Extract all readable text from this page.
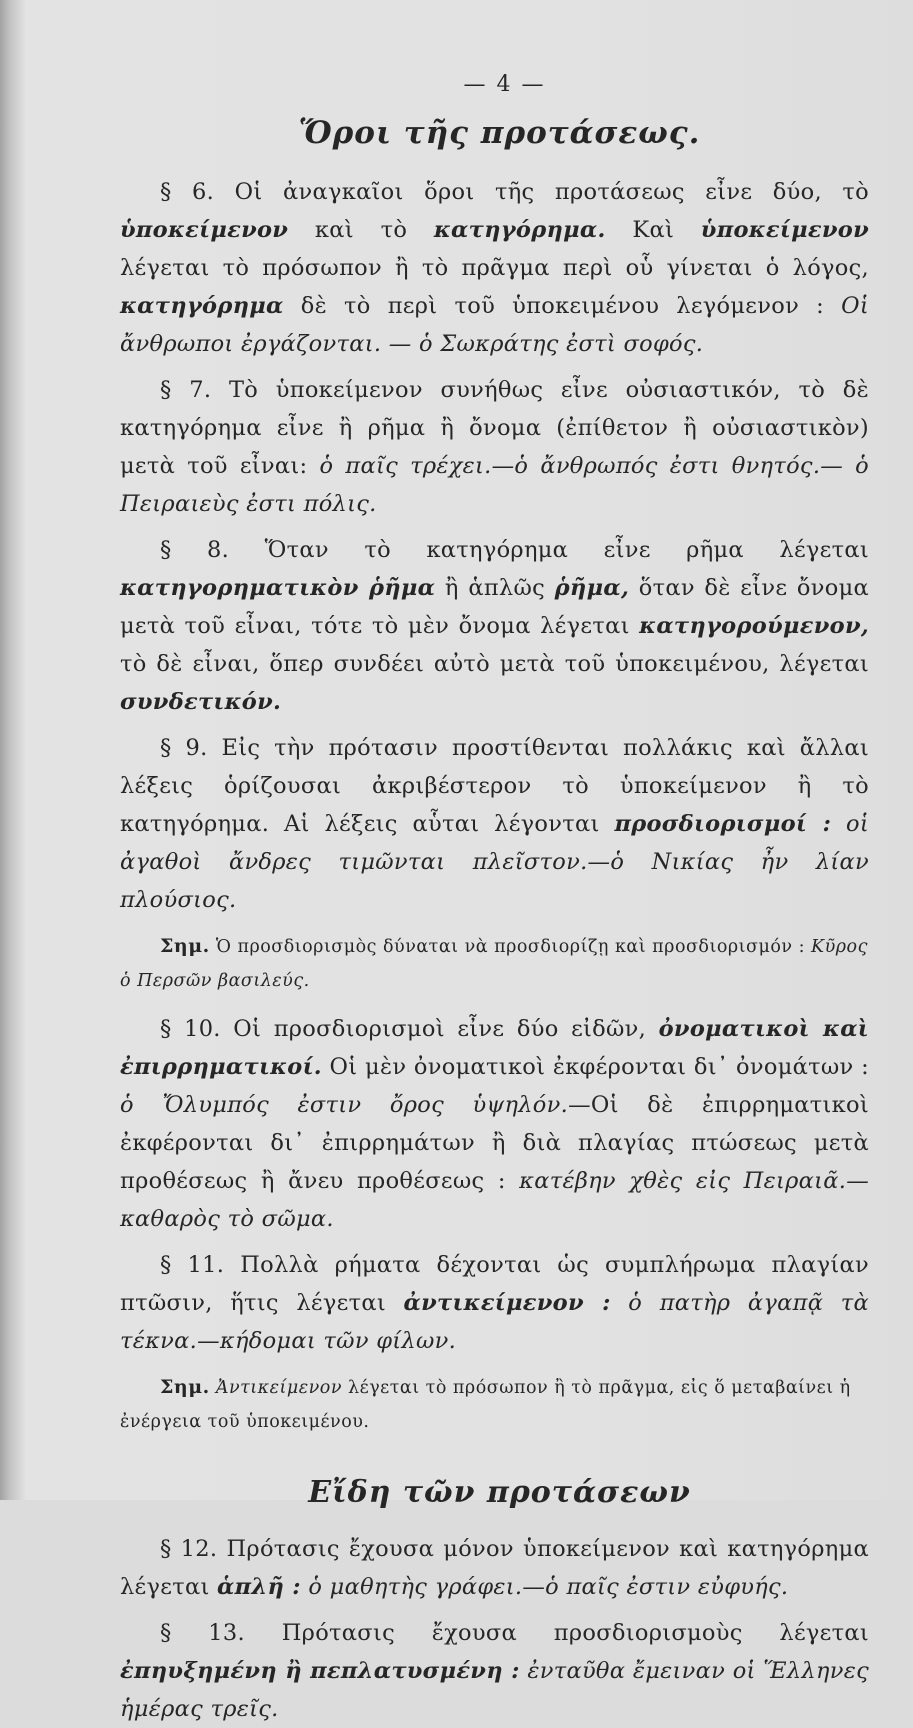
— 4 —
Ὅροι τῆς προτάσεως.

§ 6. Οἱ ἀναγκαῖοι ὅροι τῆς προτάσεως εἶνε δύο, τὸ ὑποκείμενον καὶ τὸ κατηγόρημα. Καὶ ὑποκείμενον λέγεται τὸ πρόσωπον ἢ τὸ πρᾶγμα περὶ οὗ γίνεται ὁ λόγος, κατηγόρημα δὲ τὸ περὶ τοῦ ὑποκειμένου λεγόμενον : Οἱ ἄνθρωποι ἐργάζονται. — ὁ Σωκράτης ἐστὶ σοφός.

§ 7. Τὸ ὑποκείμενον συνήθως εἶνε οὐσιαστικόν, τὸ δὲ κατηγόρημα εἶνε ἢ ρῆμα ἢ ὄνομα (ἐπίθετον ἢ οὐσιαστικὸν) μετὰ τοῦ εἶναι: ὁ παῖς τρέχει.—ὁ ἄνθρωπός ἐστι θνητός.— ὁ Πειραιεὺς ἐστι πόλις.

§ 8. Ὅταν τὸ κατηγόρημα εἶνε ρῆμα λέγεται κατηγορηματικὸν ῥῆμα ἢ ἁπλῶς ῥῆμα, ὅταν δὲ εἶνε ὄνομα μετὰ τοῦ εἶναι, τότε τὸ μὲν ὄνομα λέγεται κατηγορούμενον, τὸ δὲ εἶναι, ὅπερ συνδέει αὐτὸ μετὰ τοῦ ὑποκειμένου, λέγεται συνδετικόν.

§ 9. Εἰς τὴν πρότασιν προστίθενται πολλάκις καὶ ἄλλαι λέξεις ὁρίζουσαι ἀκριβέστερον τὸ ὑποκείμενον ἢ τὸ κατηγόρημα. Αἱ λέξεις αὗται λέγονται προσδιορισμοί : οἱ ἀγαθοὶ ἄνδρες τιμῶνται πλεῖστον.—ὁ Νικίας ἦν λίαν πλούσιος.

Σημ. Ὁ προσδιορισμὸς δύναται νὰ προσδιορίζῃ καὶ προσδιορισμόν : Κῦρος ὁ Περσῶν βασιλεύς.

§ 10. Οἱ προσδιορισμοὶ εἶνε δύο εἰδῶν, ὀνοματικοὶ καὶ ἐπιρρηματικοί. Οἱ μὲν ὀνοματικοὶ ἐκφέρονται δι᾽ ὀνομάτων : ὁ Ὄλυμπός ἐστιν ὄρος ὑψηλόν.—Οἱ δὲ ἐπιρρηματικοὶ ἐκφέρονται δι᾽ ἐπιρρημάτων ἢ διὰ πλαγίας πτώσεως μετὰ προθέσεως ἢ ἄνευ προθέσεως : κατέβην χθὲς εἰς Πειραιᾶ.—καθαρὸς τὸ σῶμα.

§ 11. Πολλὰ ρήματα δέχονται ὡς συμπλήρωμα πλαγίαν πτῶσιν, ἥτις λέγεται ἀντικείμενον : ὁ πατὴρ ἀγαπᾷ τὰ τέκνα.—κήδομαι τῶν φίλων.

Σημ. Ἀντικείμενον λέγεται τὸ πρόσωπον ἢ τὸ πρᾶγμα, εἰς ὅ μεταβαίνει ἡ ἐνέργεια τοῦ ὑποκειμένου.

Εἴδη τῶν προτάσεων

§ 12. Πρότασις ἔχουσα μόνον ὑποκείμενον καὶ κατηγόρημα λέγεται ἁπλῆ : ὁ μαθητὴς γράφει.—ὁ παῖς ἐστιν εὐφυής.

§ 13. Πρότασις ἔχουσα προσδιορισμοὺς λέγεται ἐπηυξημένη ἢ πεπλατυσμένη : ἐνταῦθα ἔμειναν οἱ Ἕλληνες ἡμέρας τρεῖς.
